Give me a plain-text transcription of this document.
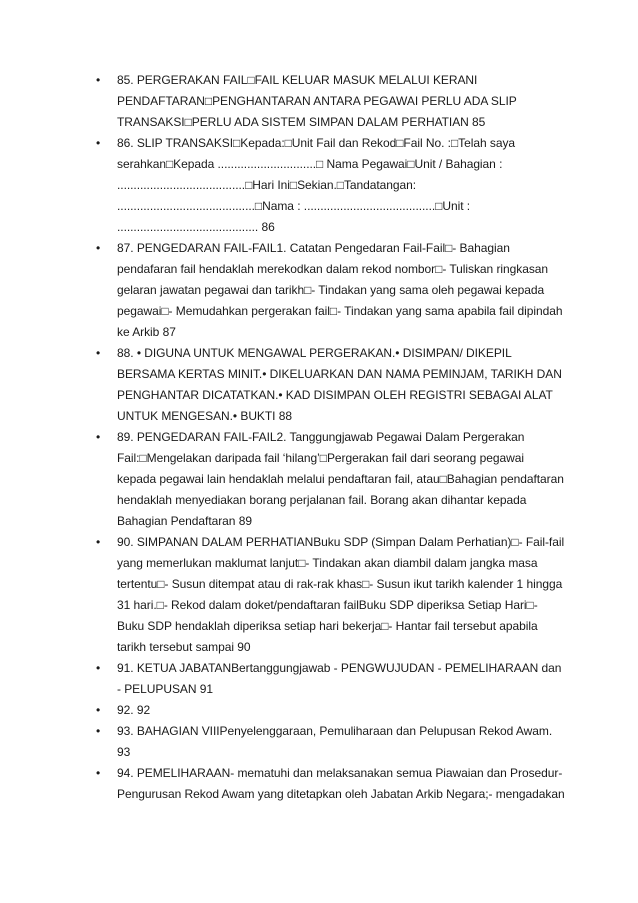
• 85. PERGERAKAN FAIL□FAIL KELUAR MASUK MELALUI KERANI
PENDAFTARAN□PENGHANTARAN ANTARA PEGAWAI PERLU ADA SLIP
TRANSAKSI□PERLU ADA SISTEM SIMPAN DALAM PERHATIAN 85
• 86. SLIP TRANSAKSI□Kepada:□Unit Fail dan Rekod□Fail No. :□Telah saya
serahkan□Kepada ..............................□ Nama Pegawai□Unit / Bahagian :
.......................................□Hari Ini□Sekian.□Tandatangan:
..........................................□Nama : ........................................□Unit :
........................................... 86
• 87. PENGEDARAN FAIL-FAIL1. Catatan Pengedaran Fail-Fail□- Bahagian
pendafaran fail hendaklah merekodkan dalam rekod nombor□- Tuliskan ringkasan
gelaran jawatan pegawai dan tarikh□- Tindakan yang sama oleh pegawai kepada
pegawai□- Memudahkan pergerakan fail□- Tindakan yang sama apabila fail dipindah
ke Arkib 87
• 88. • DIGUNA UNTUK MENGAWAL PERGERAKAN.• DISIMPAN/ DIKEPIL
BERSAMA KERTAS MINIT.• DIKELUARKAN DAN NAMA PEMINJAM, TARIKH DAN
PENGHANTAR DICATATKAN.• KAD DISIMPAN OLEH REGISTRI SEBAGAI ALAT
UNTUK MENGESAN.• BUKTI 88
• 89. PENGEDARAN FAIL-FAIL2. Tanggungjawab Pegawai Dalam Pergerakan
Fail:□Mengelakan daripada fail ‘hilang’□Pergerakan fail dari seorang pegawai
kepada pegawai lain hendaklah melalui pendaftaran fail, atau□Bahagian pendaftaran
hendaklah menyediakan borang perjalanan fail. Borang akan dihantar kepada
Bahagian Pendaftaran 89
• 90. SIMPANAN DALAM PERHATIANBuku SDP (Simpan Dalam Perhatian)□- Fail-fail
yang memerlukan maklumat lanjut□- Tindakan akan diambil dalam jangka masa
tertentu□- Susun ditempat atau di rak-rak khas□- Susun ikut tarikh kalender 1 hingga
31 hari.□- Rekod dalam doket/pendaftaran failBuku SDP diperiksa Setiap Hari□-
Buku SDP hendaklah diperiksa setiap hari bekerja□- Hantar fail tersebut apabila
tarikh tersebut sampai 90
• 91. KETUA JABATANBertanggungjawab - PENGWUJUDAN - PEMELIHARAAN dan
- PELUPUSAN 91
• 92. 92
• 93. BAHAGIAN VIIIPenyelenggaraan, Pemuliharaan dan Pelupusan Rekod Awam.
93
• 94. PEMELIHARAAN- mematuhi dan melaksanakan semua Piawaian dan Prosedur-
Pengurusan Rekod Awam yang ditetapkan oleh Jabatan Arkib Negara;- mengadakan
